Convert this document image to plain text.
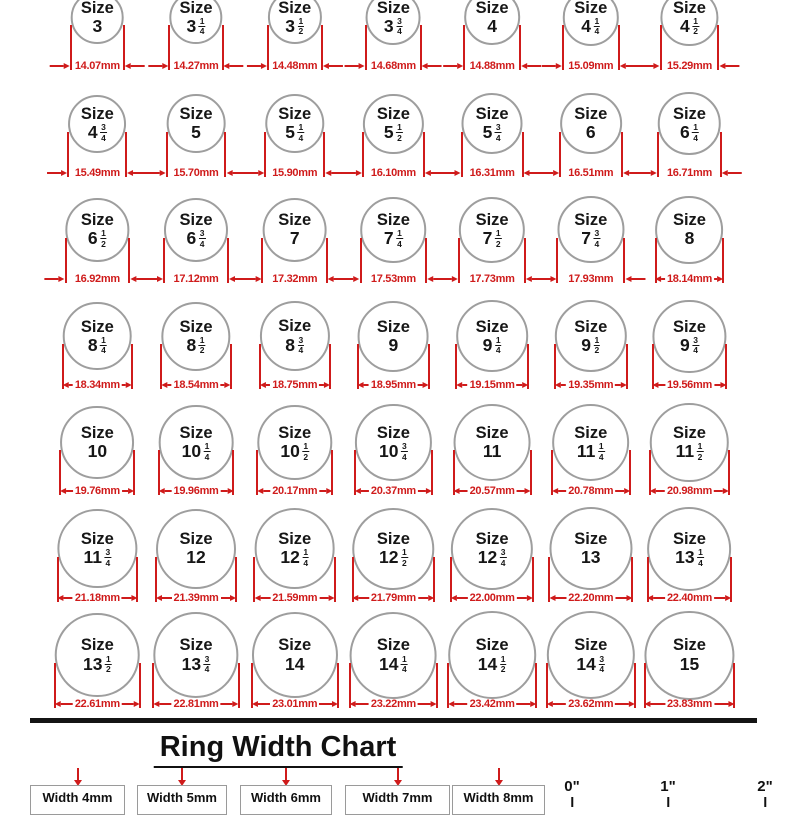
Size
3
14.07mm
Size
$3 \frac{1}{4}$
14.27mm
Size
$3 \frac{1}{2}$
14.48mm
Size
$3 \frac{3}{4}$
14.68mm
Size
4
14.88mm
Size
$4 \frac{1}{4}$
15.09mm
Size
$4 \frac{1}{2}$
15.29mm
Size
$4 \frac{3}{4}$
15.49mm
Size
5
15.70mm
Size
$5 \frac{1}{4}$
15.90mm
Size
$5 \frac{1}{2}$
16.10mm
Size
$5 \frac{3}{4}$
16.31mm
Size
6
16.51mm
Size
$6 \frac{1}{4}$
16.71mm
Size
$6 \frac{1}{2}$
16.92mm
Size
$6 \frac{3}{4}$
17.12mm
Size
7
17.32mm
Size
$7 \frac{1}{4}$
17.53mm
Size
$7 \frac{1}{2}$
17.73mm
Size
$7 \frac{3}{4}$
17.93mm
Size
8
18.14mm
Size
$8 \frac{1}{4}$
18.34mm
Size
$8 \frac{1}{2}$
18.54mm
Size
$8 \frac{3}{4}$
18.75mm
Size
9
18.95mm
Size
$9 \frac{1}{4}$
19.15mm
Size
$9 \frac{1}{2}$
19.35mm
Size
$9 \frac{3}{4}$
19.56mm
Size
10
19.76mm
Size
$10 \frac{1}{4}$
19.96mm
Size
$10 \frac{1}{2}$
20.17mm
Size
$10 \frac{3}{4}$
20.37mm
Size
11
20.57mm
Size
$11 \frac{1}{4}$
20.78mm
Size
$11 \frac{1}{2}$
20.98mm
Size
$11 \frac{3}{4}$
21.18mm
Size
12
21.39mm
Size
$12 \frac{1}{4}$
21.59mm
Size
$12 \frac{1}{2}$
21.79mm
Size
$12 \frac{3}{4}$
22.00mm
Size
13
22.20mm
Size
$13 \frac{1}{4}$
22.40mm
Size
$13 \frac{1}{2}$
22.61mm
Size
$13 \frac{3}{4}$
22.81mm
Size
14
23.01mm
Size
$14 \frac{1}{4}$
23.22mm
Size
$14 \frac{1}{2}$
23.42mm
Size
$14 \frac{3}{4}$
23.62mm
Size
15
23.83mm
Ring Width Chart
Width 4mm	Width 5mm	Width 6mm	Width 7mm	Width 8mm
0"	1"	2"
